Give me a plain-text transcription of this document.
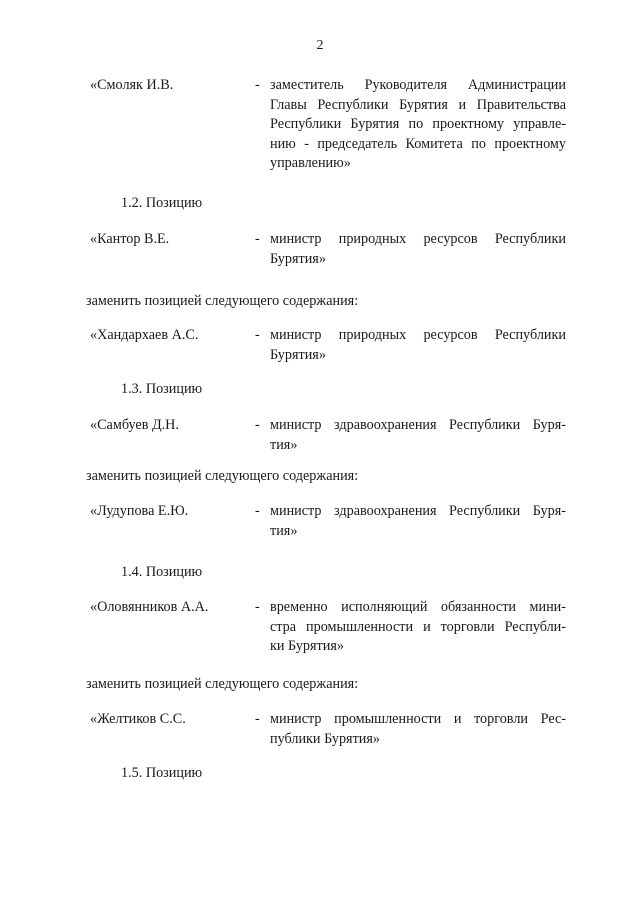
2
«Смоляк И.В.	- заместитель Руководителя Администрации
Главы Республики Бурятия и Правительства
Республики Бурятия по проектному управле-
нию - председатель Комитета по проектному
управлению»
1.2. Позицию
«Кантор В.Е.	- министр природных ресурсов Республики
Бурятия»
заменить позицией следующего содержания:
«Хандархаев А.С.	- министр природных ресурсов Республики
Бурятия»
1.3. Позицию
«Самбуев Д.Н.	- министр здравоохранения Республики Буря-
тия»
заменить позицией следующего содержания:
«Лудупова Е.Ю.	- министр здравоохранения Республики Буря-
тия»
1.4. Позицию
«Оловянников А.А.	- временно исполняющий обязанности мини-
стра промышленности и торговли Республи-
ки Бурятия»
заменить позицией следующего содержания:
«Желтиков С.С.	- министр промышленности и торговли Рес-
публики Бурятия»
1.5. Позицию
